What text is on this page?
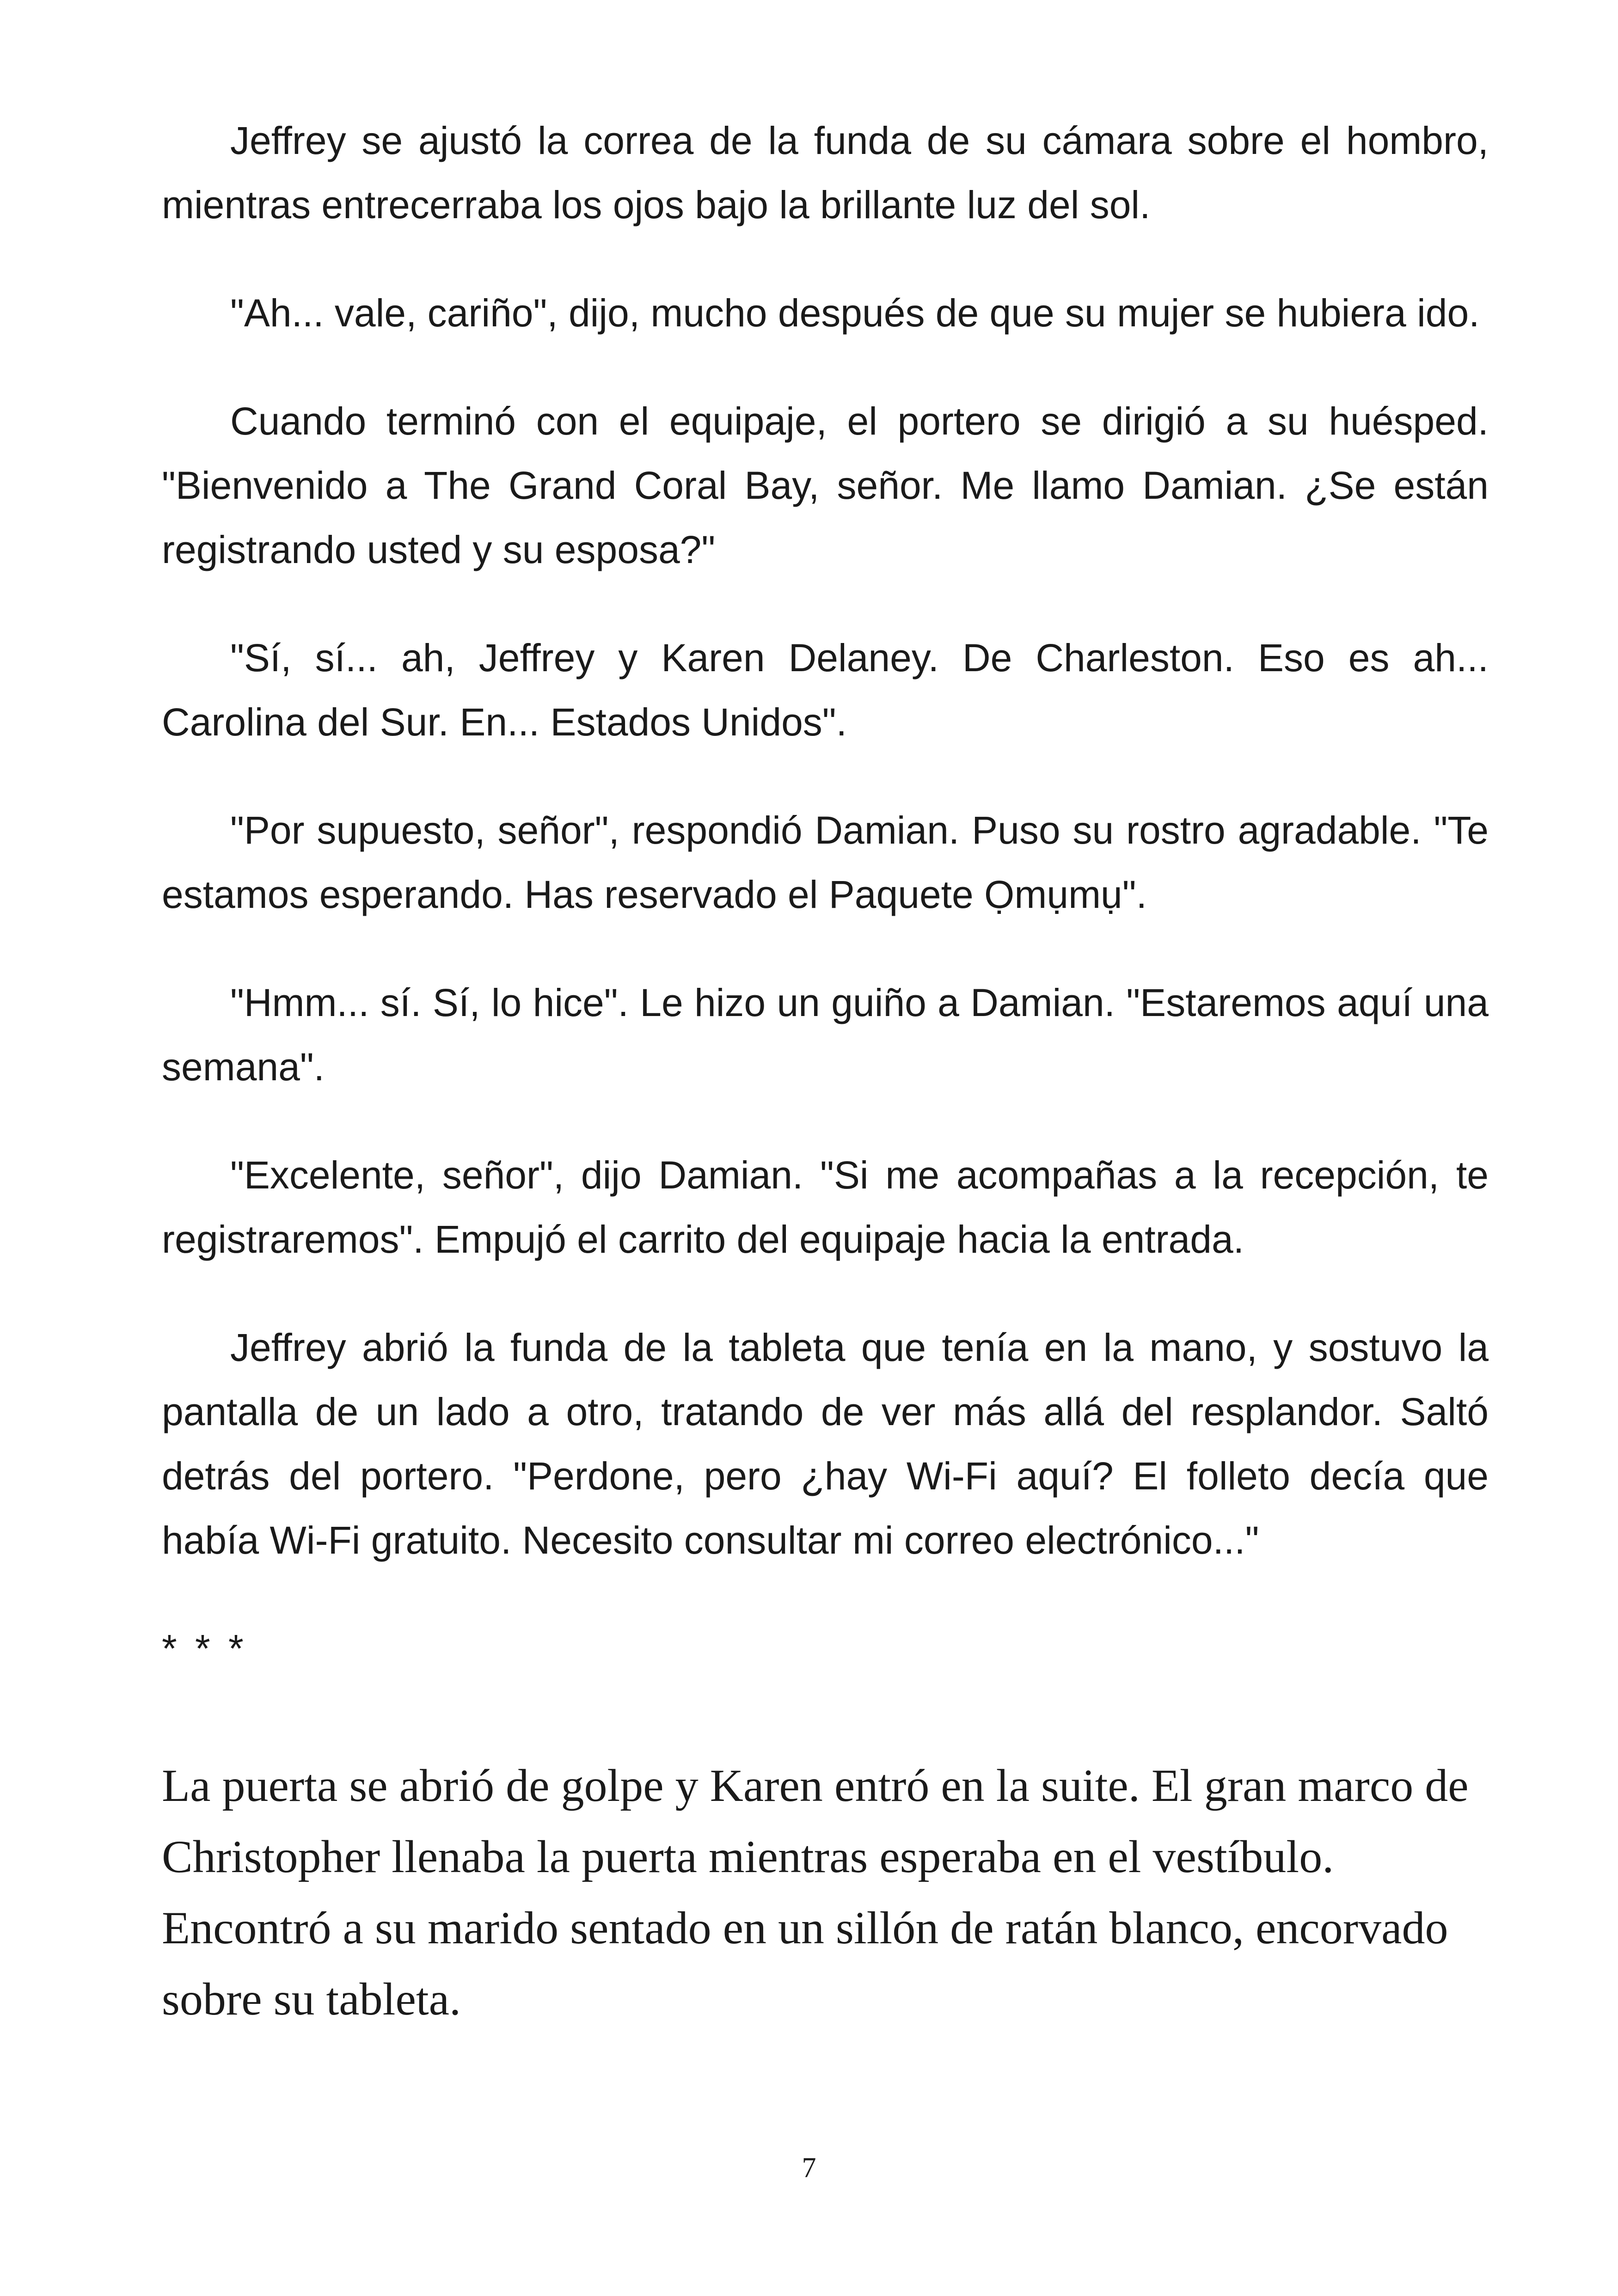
Jeffrey se ajustó la correa de la funda de su cámara sobre el hombro, mientras entrecerraba los ojos bajo la brillante luz del sol.

"Ah... vale, cariño", dijo, mucho después de que su mujer se hubiera ido.

Cuando terminó con el equipaje, el portero se dirigió a su huésped. "Bienvenido a The Grand Coral Bay, señor. Me llamo Damian. ¿Se están registrando usted y su esposa?"

"Sí, sí... ah, Jeffrey y Karen Delaney. De Charleston. Eso es ah... Carolina del Sur. En... Estados Unidos".

"Por supuesto, señor", respondió Damian. Puso su rostro agradable. "Te estamos esperando. Has reservado el Paquete Ọmụmụ".

"Hmm... sí. Sí, lo hice". Le hizo un guiño a Damian. "Estaremos aquí una semana".

"Excelente, señor", dijo Damian. "Si me acompañas a la recepción, te registraremos". Empujó el carrito del equipaje hacia la entrada.

Jeffrey abrió la funda de la tableta que tenía en la mano, y sostuvo la pantalla de un lado a otro, tratando de ver más allá del resplandor. Saltó detrás del portero. "Perdone, pero ¿hay Wi-Fi aquí? El folleto decía que había Wi-Fi gratuito. Necesito consultar mi correo electrónico..."

* * *

La puerta se abrió de golpe y Karen entró en la suite. El gran marco de Christopher llenaba la puerta mientras esperaba en el vestíbulo. Encontró a su marido sentado en un sillón de ratán blanco, encorvado sobre su tableta.

7
